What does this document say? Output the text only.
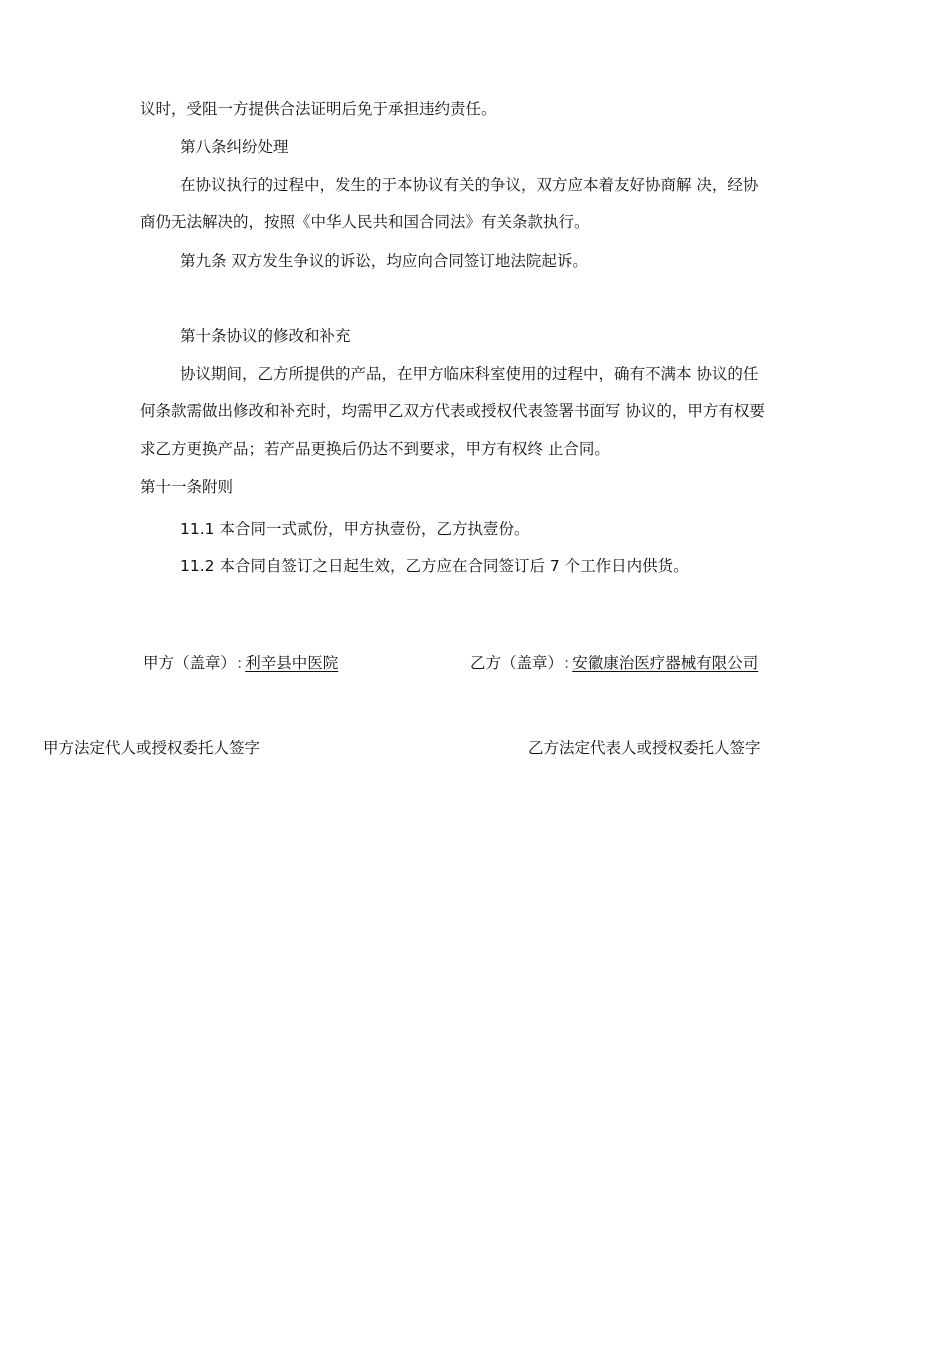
议时，受阻一方提供合法证明后免于承担违约责任。
第八条纠纷处理
在协议执行的过程中，发生的于本协议有关的争议，双方应本着友好协商解 决，经协
商仍无法解决的，按照《中华人民共和国合同法》有关条款执行。
第九条 双方发生争议的诉讼，均应向合同签订地法院起诉。
第十条协议的修改和补充
协议期间，乙方所提供的产品，在甲方临床科室使用的过程中，确有不满本 协议的任
何条款需做出修改和补充时，均需甲乙双方代表或授权代表签署书面写 协议的，甲方有权要
求乙方更换产品；若产品更换后仍达不到要求，甲方有权终 止合同。
第十一条附则
11.1 本合同一式贰份，甲方执壹份，乙方执壹份。
11.2 本合同自签订之日起生效，乙方应在合同签订后 7 个工作日内供货。
甲方（盖章）: 利辛县中医院	乙方（盖章）: 安徽康治医疗器械有限公司
甲方法定代人或授权委托人签字	乙方法定代表人或授权委托人签字
